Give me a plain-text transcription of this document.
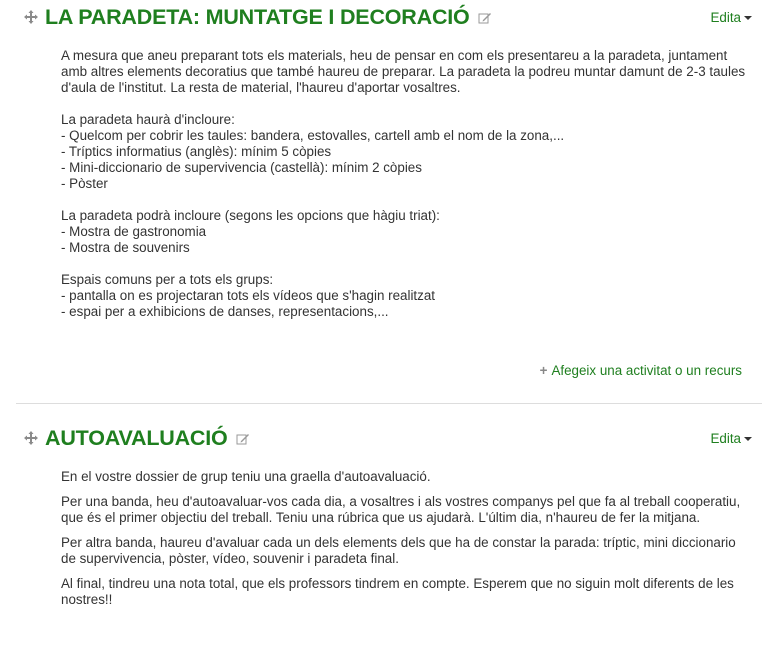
LA PARADETA: MUNTATGE I DECORACIÓ	Edita

A mesura que aneu preparant tots els materials, heu de pensar en com els presentareu a la paradeta, juntament amb altres elements decoratius que també haureu de preparar. La paradeta la podreu muntar damunt de 2-3 taules d'aula de l'institut. La resta de material, l'haureu d'aportar vosaltres.

La paradeta haurà d'incloure:

- Quelcom per cobrir les taules: bandera, estovalles, cartell amb el nom de la zona,...

- Tríptics informatius (anglès): mínim 5 còpies

- Mini-diccionario de supervivencia (castellà): mínim 2 còpies

- Pòster

La paradeta podrà incloure (segons les opcions que hàgiu triat):

- Mostra de gastronomia

- Mostra de souvenirs

Espais comuns per a tots els grups:

- pantalla on es projectaran tots els vídeos que s'hagin realitzat

- espai per a exhibicions de danses, representacions,...

+ Afegeix una activitat o un recurs
AUTOAVALUACIÓ	Edita

En el vostre dossier de grup teniu una graella d'autoavaluació.

Per una banda, heu d'autoavaluar-vos cada dia, a vosaltres i als vostres companys pel que fa al treball cooperatiu, que és el primer objectiu del treball. Teniu una rúbrica que us ajudarà. L'últim dia, n'haureu de fer la mitjana.

Per altra banda, haureu d'avaluar cada un dels elements dels que ha de constar la parada: tríptic, mini diccionario de supervivencia, pòster, vídeo, souvenir i paradeta final.

Al final, tindreu una nota total, que els professors tindrem en compte. Esperem que no siguin molt diferents de les nostres!!
